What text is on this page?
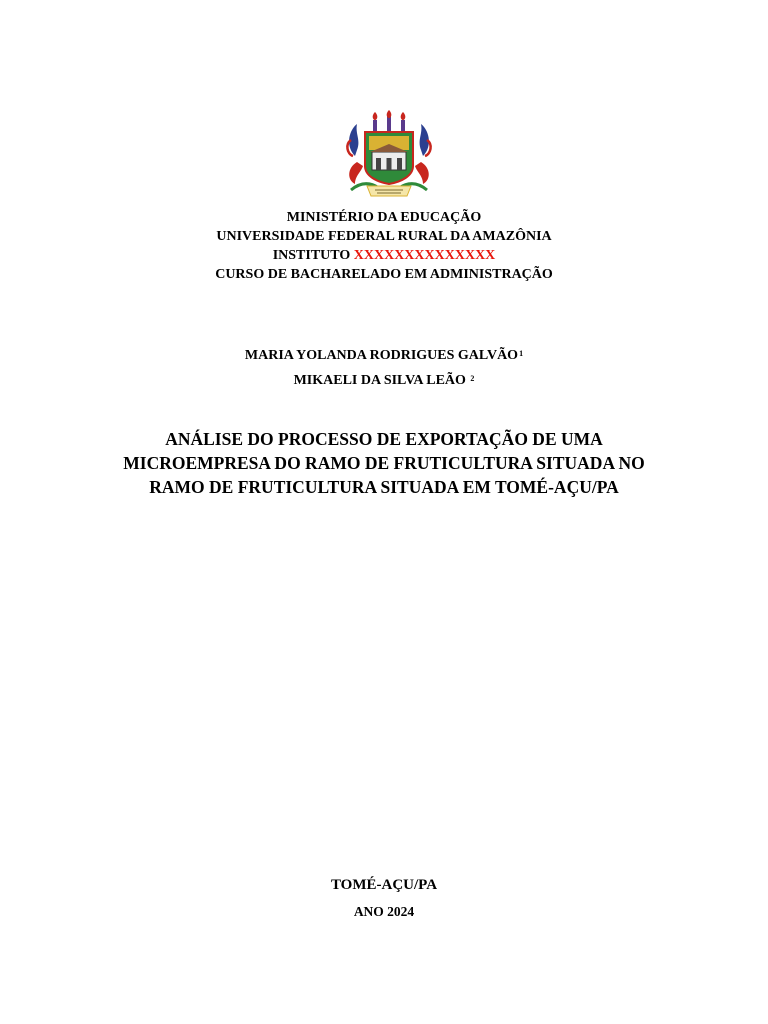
MINISTÉRIO DA EDUCAÇÃO
UNIVERSIDADE FEDERAL RURAL DA AMAZÔNIA
INSTITUTO XXXXXXXXXXXXXX
CURSO DE BACHARELADO EM ADMINISTRAÇÃO
MARIA YOLANDA RODRIGUES GALVÃO$^1$
MIKAELI DA SILVA LEÃO $^2$
ANÁLISE DO PROCESSO DE EXPORTAÇÃO DE UMA
MICROEMPRESA DO RAMO DE FRUTICULTURA SITUADA NO
RAMO DE FRUTICULTURA SITUADA EM TOMÉ-AÇU/PA
TOMÉ-AÇU/PA
ANO 2024
